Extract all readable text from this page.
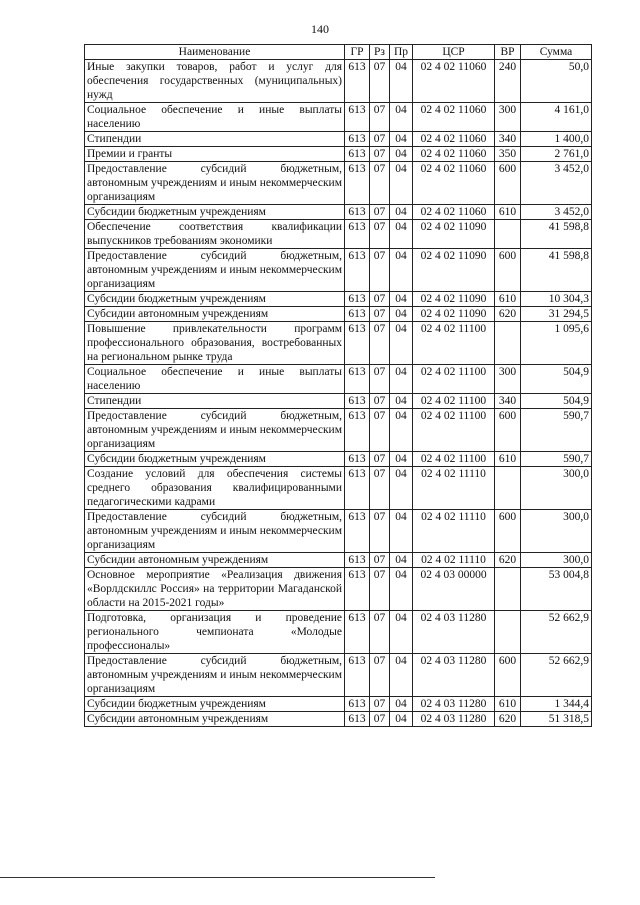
140
Наименование	ГР	Рз	Пр	ЦСР	ВР	Сумма
Иные закупки товаров, работ и услуг для обеспечения государственных (муниципальных) нужд	613	07	04	02 4 02 11060	240	50,0
Социальное обеспечение и иные выплаты населению	613	07	04	02 4 02 11060	300	4 161,0
Стипендии	613	07	04	02 4 02 11060	340	1 400,0
Премии и гранты	613	07	04	02 4 02 11060	350	2 761,0
Предоставление субсидий бюджетным, автономным учреждениям и иным некоммерческим организациям	613	07	04	02 4 02 11060	600	3 452,0
Субсидии бюджетным учреждениям	613	07	04	02 4 02 11060	610	3 452,0
Обеспечение соответствия квалификации выпускников требованиям экономики	613	07	04	02 4 02 11090		41 598,8
Предоставление субсидий бюджетным, автономным учреждениям и иным некоммерческим организациям	613	07	04	02 4 02 11090	600	41 598,8
Субсидии бюджетным учреждениям	613	07	04	02 4 02 11090	610	10 304,3
Субсидии автономным учреждениям	613	07	04	02 4 02 11090	620	31 294,5
Повышение привлекательности программ профессионального образования, востребованных на региональном рынке труда	613	07	04	02 4 02 11100		1 095,6
Социальное обеспечение и иные выплаты населению	613	07	04	02 4 02 11100	300	504,9
Стипендии	613	07	04	02 4 02 11100	340	504,9
Предоставление субсидий бюджетным, автономным учреждениям и иным некоммерческим организациям	613	07	04	02 4 02 11100	600	590,7
Субсидии бюджетным учреждениям	613	07	04	02 4 02 11100	610	590,7
Создание условий для обеспечения системы среднего образования квалифицированными педагогическими кадрами	613	07	04	02 4 02 11110		300,0
Предоставление субсидий бюджетным, автономным учреждениям и иным некоммерческим организациям	613	07	04	02 4 02 11110	600	300,0
Субсидии автономным учреждениям	613	07	04	02 4 02 11110	620	300,0
Основное мероприятие «Реализация движения «Ворлдскиллс Россия» на территории Магаданской области на 2015-2021 годы»	613	07	04	02 4 03 00000		53 004,8
Подготовка, организация и проведение регионального чемпионата «Молодые профессионалы»	613	07	04	02 4 03 11280		52 662,9
Предоставление субсидий бюджетным, автономным учреждениям и иным некоммерческим организациям	613	07	04	02 4 03 11280	600	52 662,9
Субсидии бюджетным учреждениям	613	07	04	02 4 03 11280	610	1 344,4
Субсидии автономным учреждениям	613	07	04	02 4 03 11280	620	51 318,5
